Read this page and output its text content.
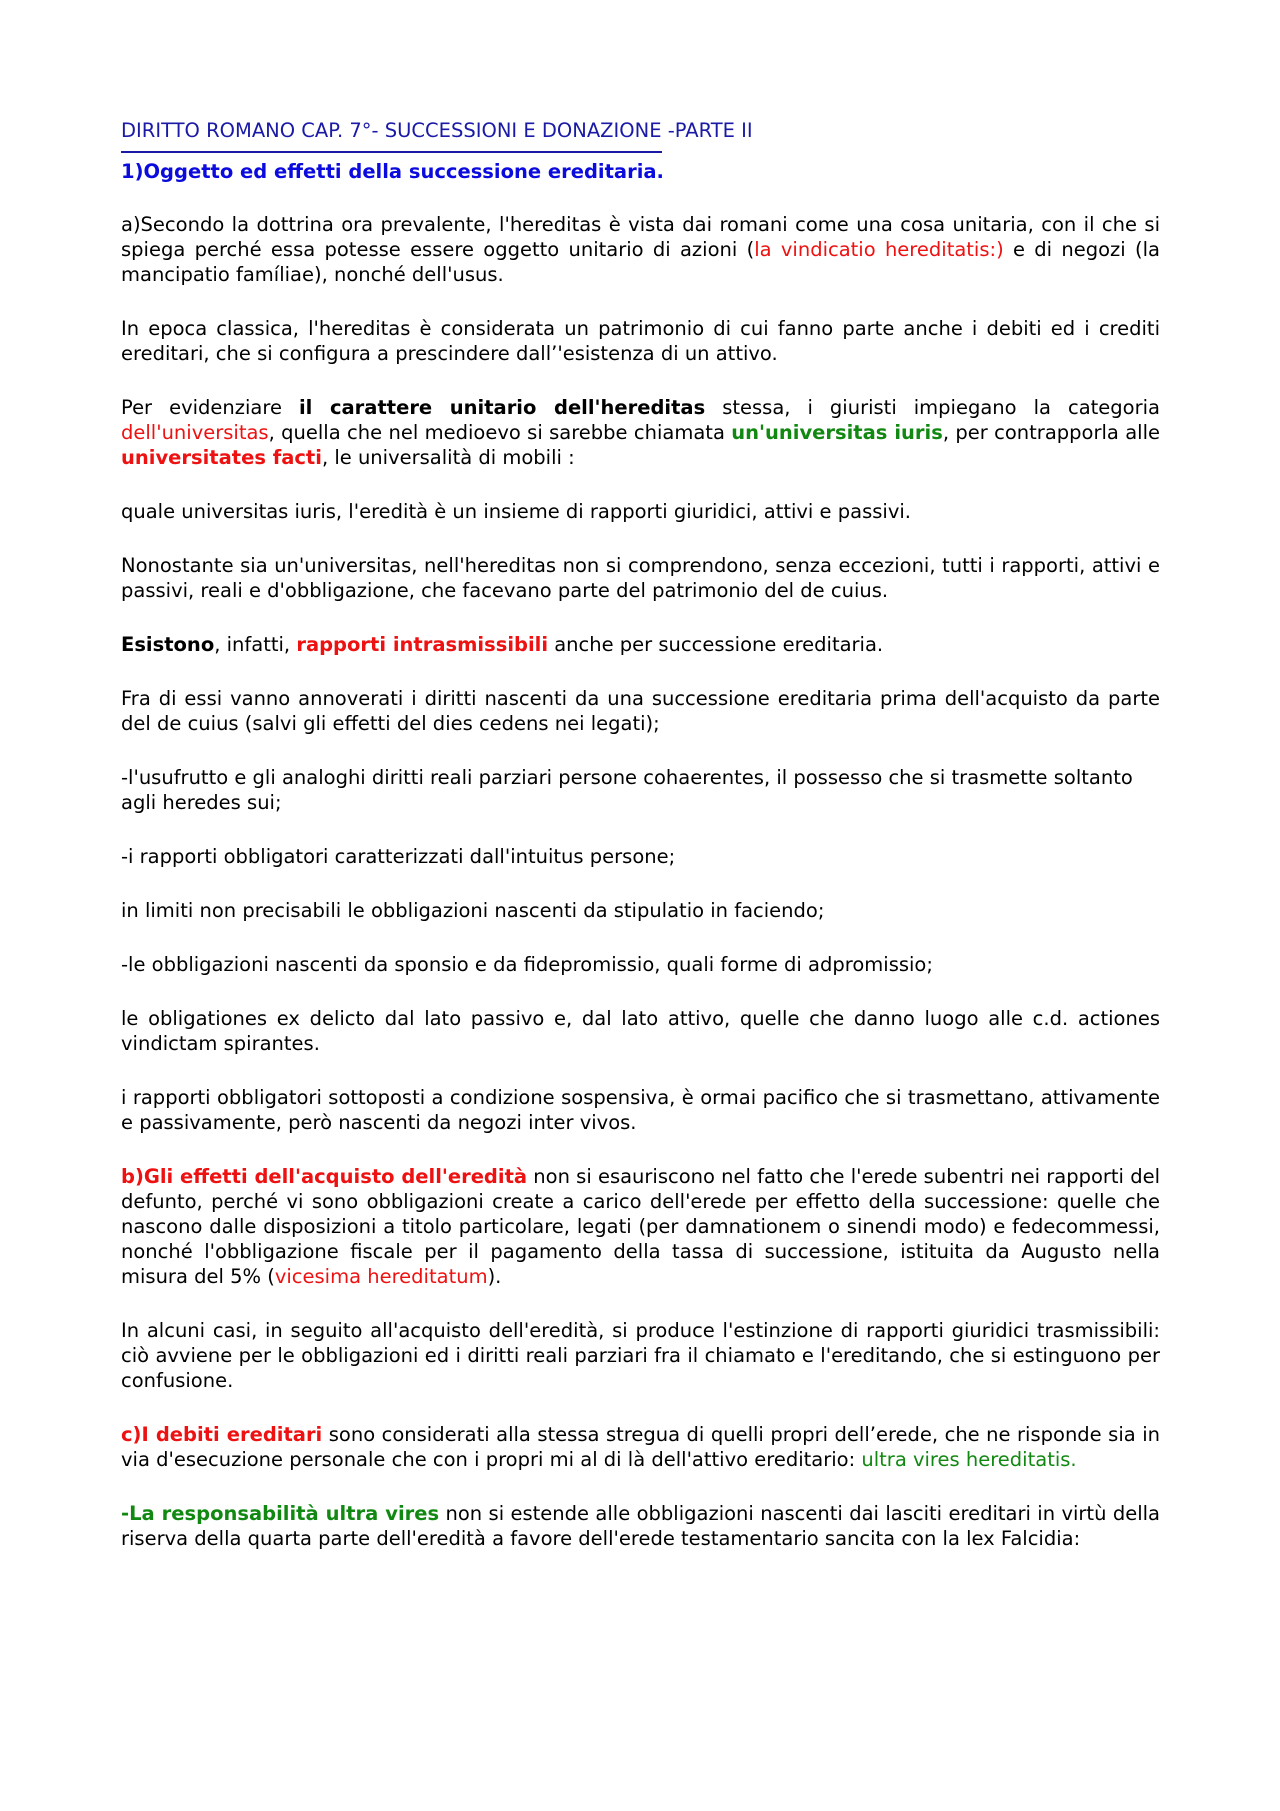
DIRITTO ROMANO CAP. 7°- SUCCESSIONI E DONAZIONE -PARTE II
1)Oggetto ed effetti della successione ereditaria.

a)Secondo la dottrina ora prevalente, l'hereditas è vista dai romani come una cosa unitaria, con il che si spiega perché essa potesse essere oggetto unitario di azioni (la vindicatio hereditatis:) e di negozi (la mancipatio famíliae), nonché dell'usus.

In epoca classica, l'hereditas è considerata un patrimonio di cui fanno parte anche i debiti ed i crediti ereditari, che si configura a prescindere dall’'esistenza di un attivo.

Per evidenziare il carattere unitario dell'hereditas stessa, i giuristi impiegano la categoria dell'universitas, quella che nel medioevo si sarebbe chiamata un'universitas iuris, per contrapporla alle universitates facti, le universalità di mobili :

quale universitas iuris, l'eredità è un insieme di rapporti giuridici, attivi e passivi.

Nonostante sia un'universitas, nell'hereditas non si comprendono, senza eccezioni, tutti i rapporti, attivi e passivi, reali e d'obbligazione, che facevano parte del patrimonio del de cuius.

Esistono, infatti, rapporti intrasmissibili anche per successione ereditaria.

Fra di essi vanno annoverati i diritti nascenti da una successione ereditaria prima dell'acquisto da parte del de cuius (salvi gli effetti del dies cedens nei legati);

-l'usufrutto e gli analoghi diritti reali parziari persone cohaerentes, il possesso che si trasmette soltanto agli heredes sui;

-i rapporti obbligatori caratterizzati dall'intuitus persone;

in limiti non precisabili le obbligazioni nascenti da stipulatio in faciendo;

-le obbligazioni nascenti da sponsio e da fidepromissio, quali forme di adpromissio;

le obligationes ex delicto dal lato passivo e, dal lato attivo, quelle che danno luogo alle c.d. actiones vindictam spirantes.

i rapporti obbligatori sottoposti a condizione sospensiva, è ormai pacifico che si trasmettano, attivamente e passivamente, però nascenti da negozi inter vivos.

b)Gli effetti dell'acquisto dell'eredità non si esauriscono nel fatto che l'erede subentri nei rapporti del defunto, perché vi sono obbligazioni create a carico dell'erede per effetto della successione: quelle che nascono dalle disposizioni a titolo particolare, legati (per damnationem o sinendi modo) e fedecommessi, nonché l'obbligazione fiscale per il pagamento della tassa di successione, istituita da Augusto nella misura del 5% (vicesima hereditatum).

In alcuni casi, in seguito all'acquisto dell'eredità, si produce l'estinzione di rapporti giuridici trasmissibili: ciò avviene per le obbligazioni ed i diritti reali parziari fra il chiamato e l'ereditando, che si estinguono per confusione.

c)I debiti ereditari sono considerati alla stessa stregua di quelli propri dell’erede, che ne risponde sia in via d'esecuzione personale che con i propri mi al di là dell'attivo ereditario: ultra vires hereditatis.

-La responsabilità ultra vires non si estende alle obbligazioni nascenti dai lasciti ereditari in virtù della riserva della quarta parte dell'eredità a favore dell'erede testamentario sancita con la lex Falcidia:
